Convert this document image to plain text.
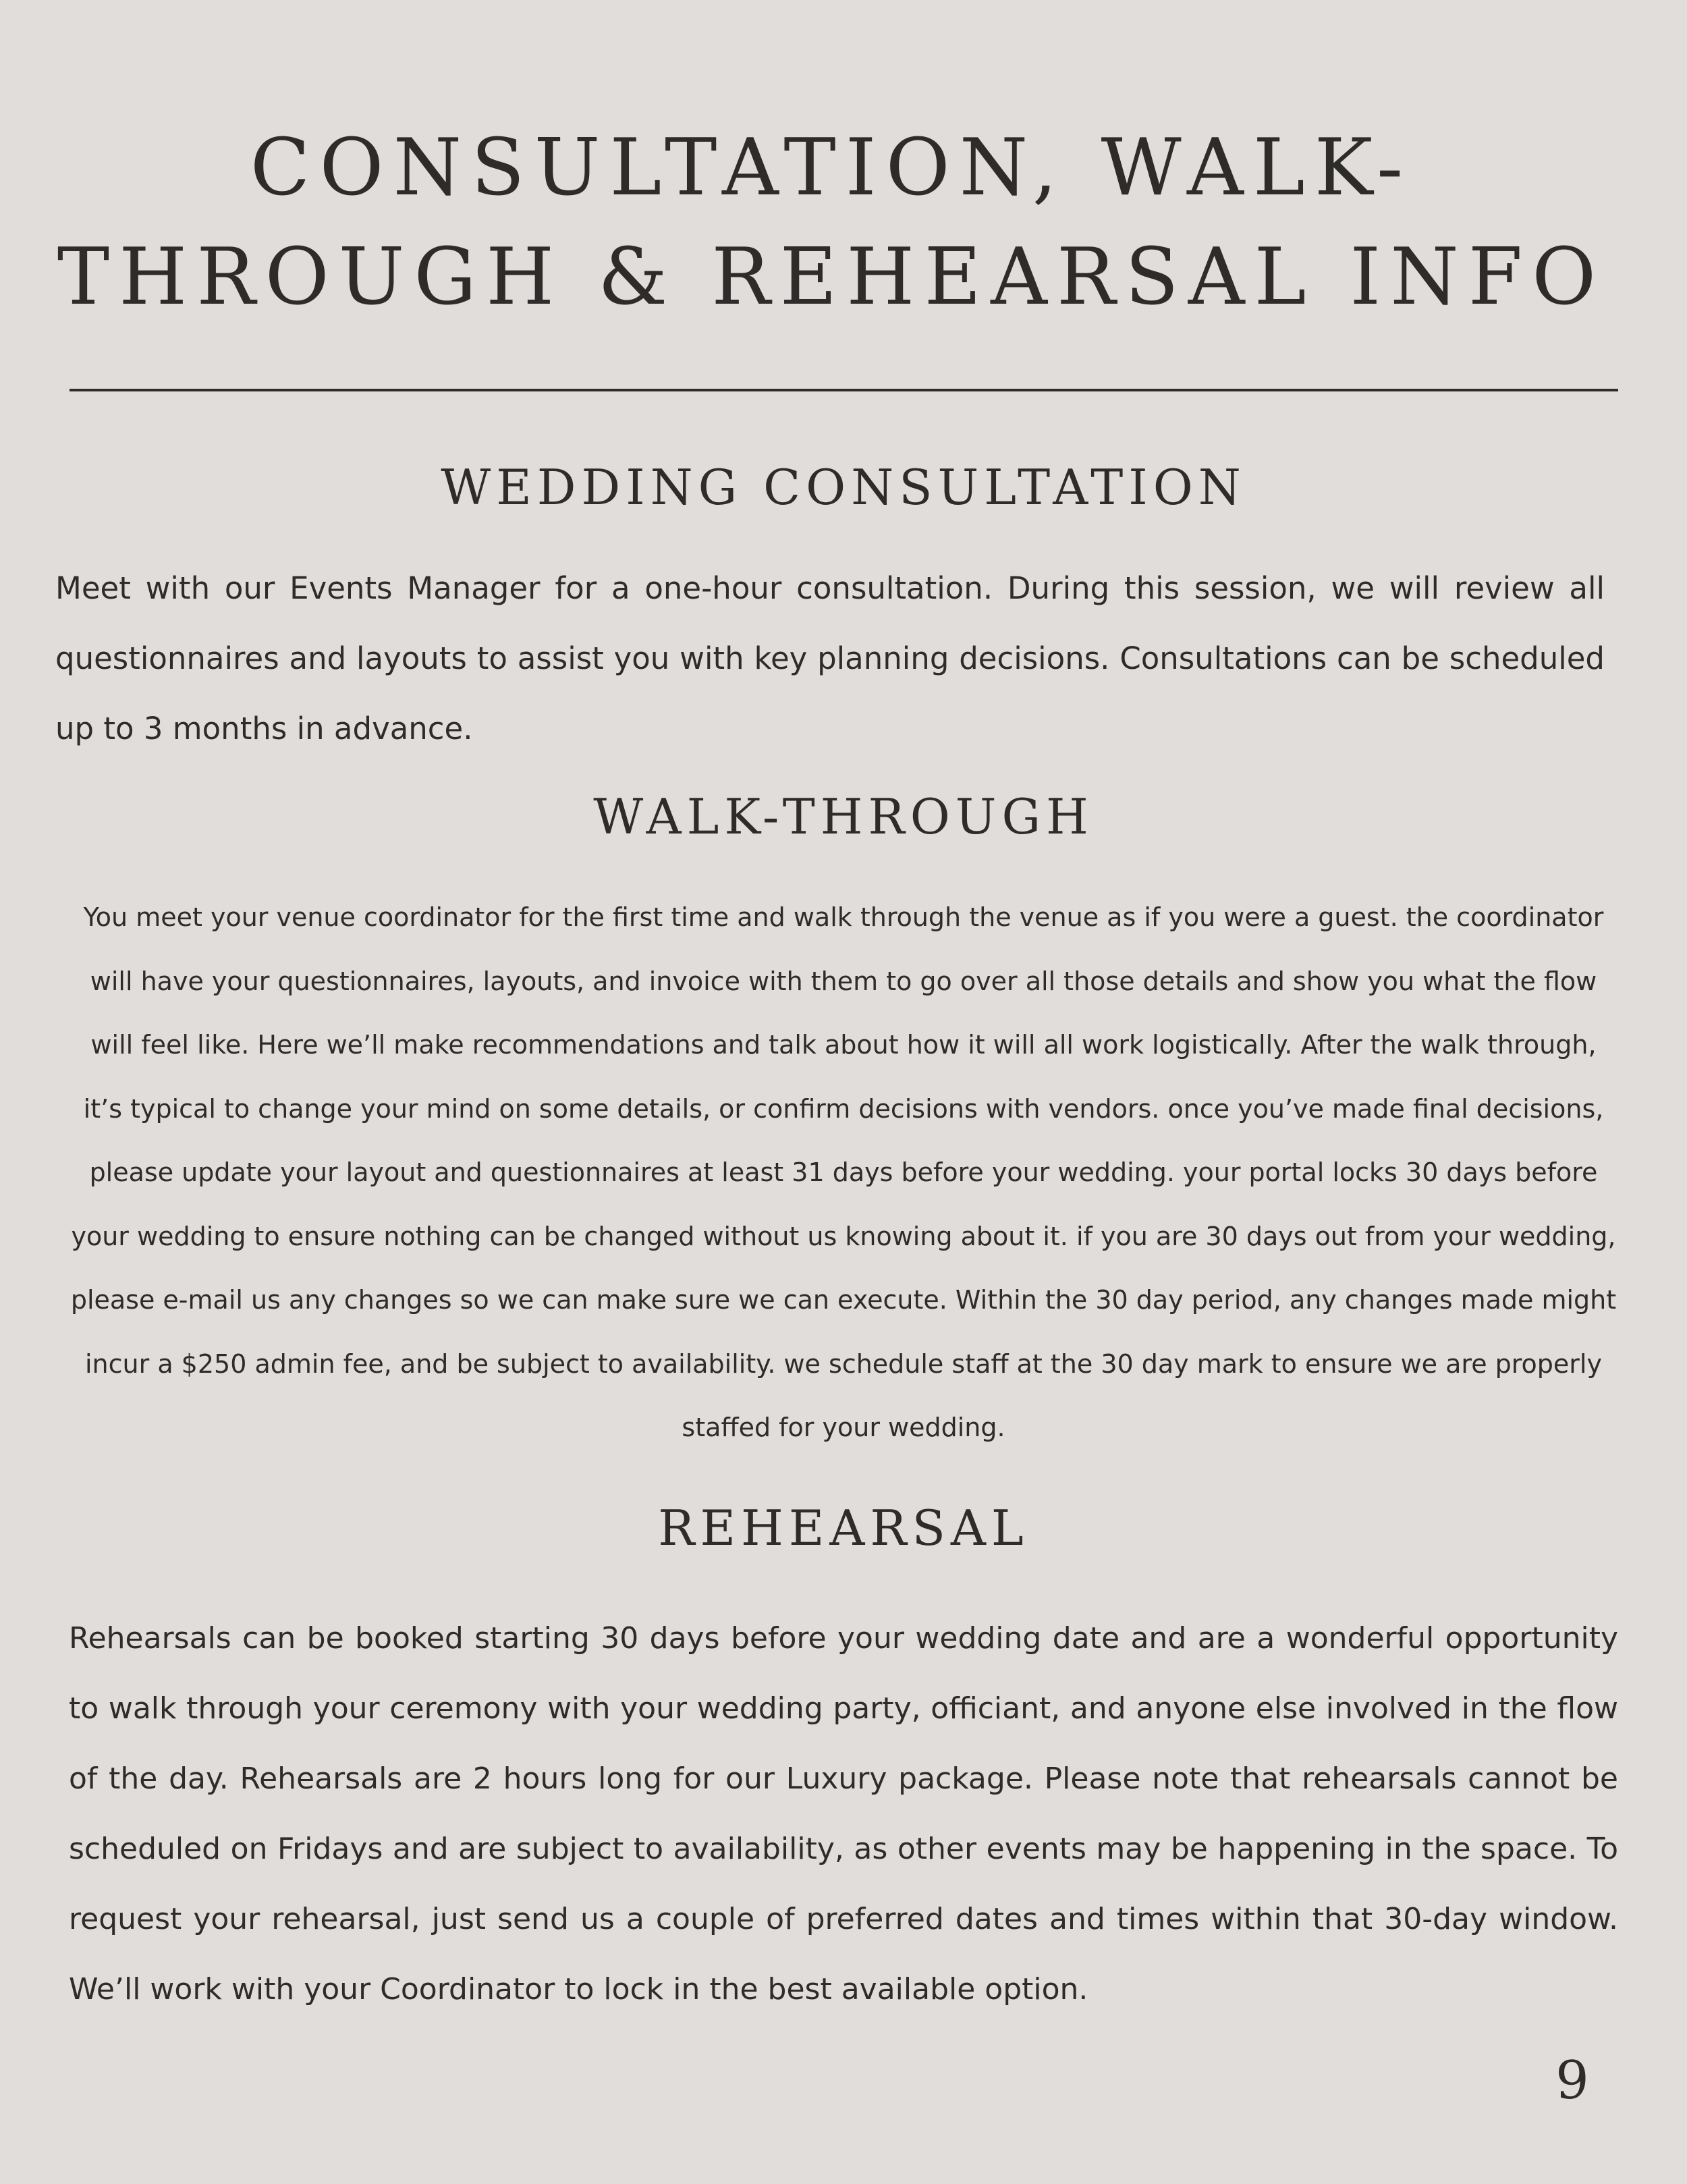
CONSULTATION, WALK-THROUGH & REHEARSAL INFO
WEDDING CONSULTATION

Meet with our Events Manager for a one-hour consultation. During this session, we will review all questionnaires and layouts to assist you with key planning decisions. Consultations can be scheduled up to 3 months in advance.

WALK-THROUGH

You meet your venue coordinator for the first time and walk through the venue as if you were a guest. the coordinator will have your questionnaires, layouts, and invoice with them to go over all those details and show you what the flow will feel like. Here we’ll make recommendations and talk about how it will all work logistically. After the walk through, it’s typical to change your mind on some details, or confirm decisions with vendors. once you’ve made final decisions, please update your layout and questionnaires at least 31 days before your wedding. your portal locks 30 days before your wedding to ensure nothing can be changed without us knowing about it. if you are 30 days out from your wedding, please e-mail us any changes so we can make sure we can execute. Within the 30 day period, any changes made might incur a $250 admin fee, and be subject to availability. we schedule staff at the 30 day mark to ensure we are properly staffed for your wedding.

REHEARSAL

Rehearsals can be booked starting 30 days before your wedding date and are a wonderful opportunity to walk through your ceremony with your wedding party, officiant, and anyone else involved in the flow of the day. Rehearsals are 2 hours long for our Luxury package. Please note that rehearsals cannot be scheduled on Fridays and are subject to availability, as other events may be happening in the space. To request your rehearsal, just send us a couple of preferred dates and times within that 30-day window. We’ll work with your Coordinator to lock in the best available option.

9
